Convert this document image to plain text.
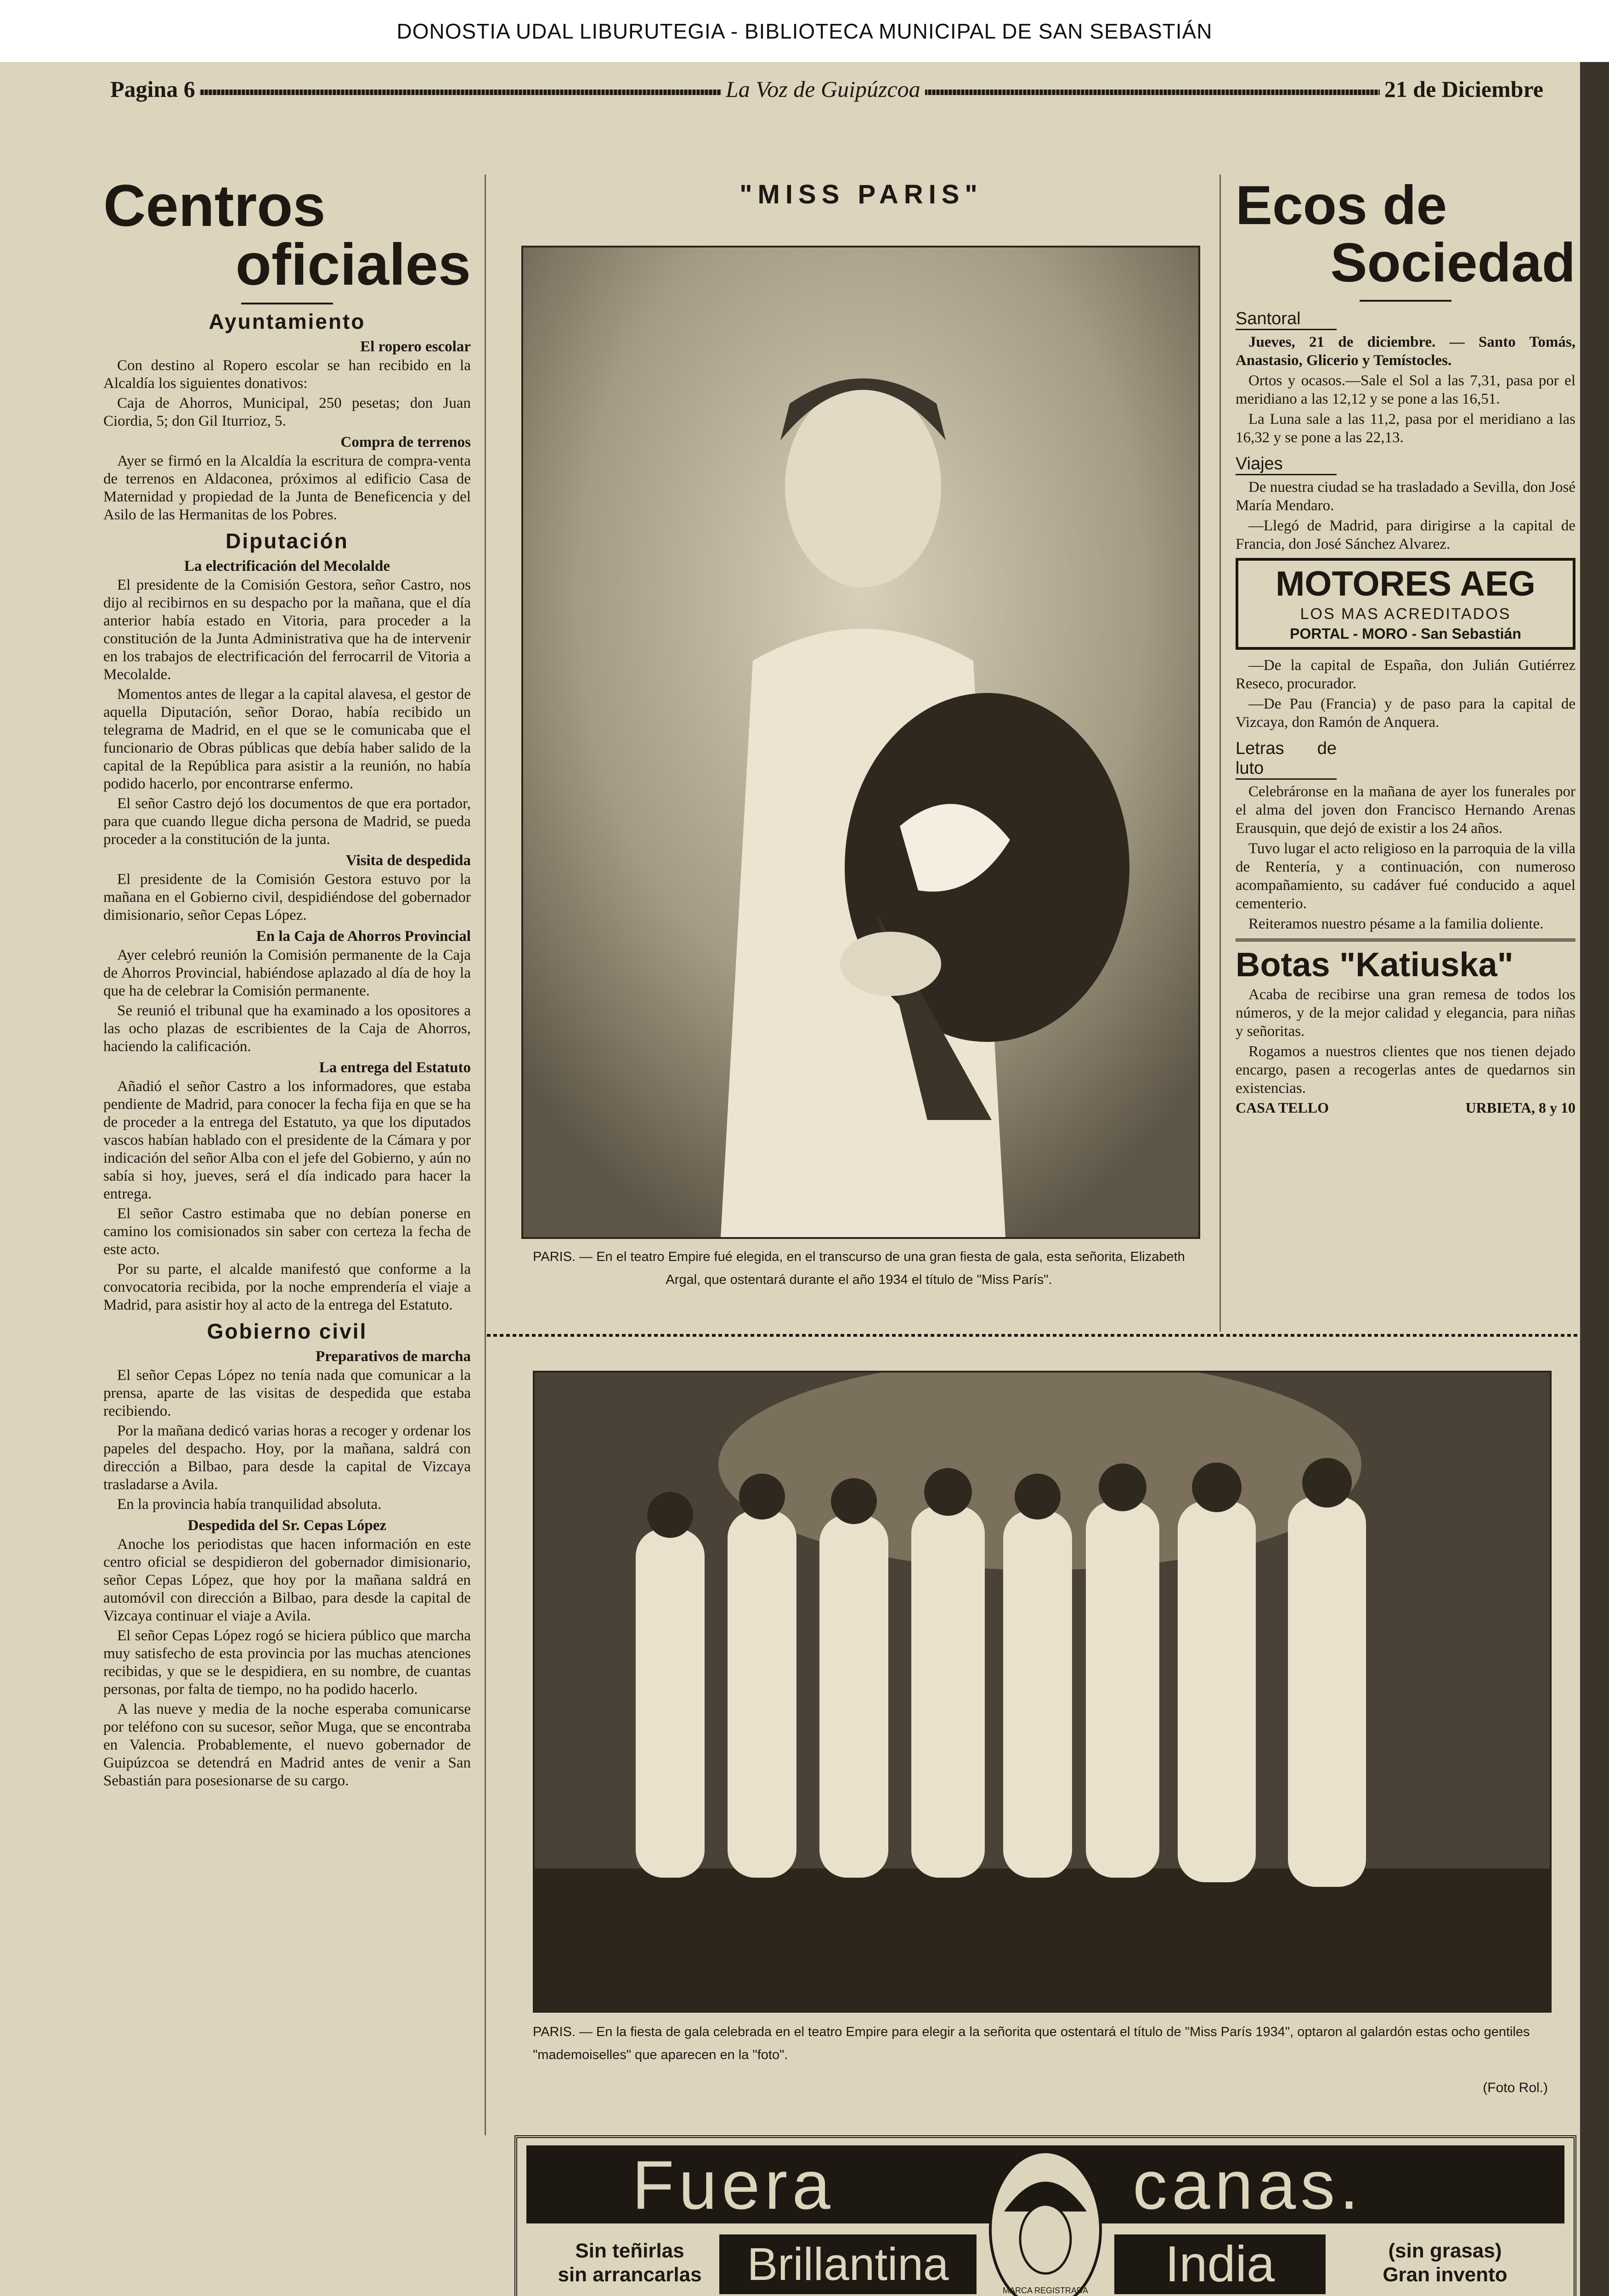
DONOSTIA UDAL LIBURUTEGIA - BIBLIOTECA MUNICIPAL DE SAN SEBASTIÁN
Pagina 6	La Voz de Guipúzcoa	21 de Diciembre
Centros
oficiales
Ayuntamiento
El ropero escolar

Con destino al Ropero escolar se han recibido en la Alcaldía los siguientes donativos:

Caja de Ahorros, Municipal, 250 pesetas; don Juan Ciordia, 5; don Gil Iturrioz, 5.

Compra de terrenos

Ayer se firmó en la Alcaldía la escritura de compra-venta de terrenos en Aldaconea, próximos al edificio Casa de Maternidad y propiedad de la Junta de Beneficencia y del Asilo de las Hermanitas de los Pobres.

Diputación
La electrificación del Mecolalde

El presidente de la Comisión Gestora, señor Castro, nos dijo al recibirnos en su despacho por la mañana, que el día anterior había estado en Vitoria, para proceder a la constitución de la Junta Administrativa que ha de intervenir en los trabajos de electrificación del ferrocarril de Vitoria a Mecolalde.

Momentos antes de llegar a la capital alavesa, el gestor de aquella Diputación, señor Dorao, había recibido un telegrama de Madrid, en el que se le comunicaba que el funcionario de Obras públicas que debía haber salido de la capital de la República para asistir a la reunión, no había podido hacerlo, por encontrarse enfermo.

El señor Castro dejó los documentos de que era portador, para que cuando llegue dicha persona de Madrid, se pueda proceder a la constitución de la junta.

Visita de despedida

El presidente de la Comisión Gestora estuvo por la mañana en el Gobierno civil, despidiéndose del gobernador dimisionario, señor Cepas López.

En la Caja de Ahorros Provincial

Ayer celebró reunión la Comisión permanente de la Caja de Ahorros Provincial, habiéndose aplazado al día de hoy la que ha de celebrar la Comisión permanente.

Se reunió el tribunal que ha examinado a los opositores a las ocho plazas de escribientes de la Caja de Ahorros, haciendo la calificación.

La entrega del Estatuto

Añadió el señor Castro a los informadores, que estaba pendiente de Madrid, para conocer la fecha fija en que se ha de proceder a la entrega del Estatuto, ya que los diputados vascos habían hablado con el presidente de la Cámara y por indicación del señor Alba con el jefe del Gobierno, y aún no sabía si hoy, jueves, será el día indicado para hacer la entrega.

El señor Castro estimaba que no debían ponerse en camino los comisionados sin saber con certeza la fecha de este acto.

Por su parte, el alcalde manifestó que conforme a la convocatoria recibida, por la noche emprendería el viaje a Madrid, para asistir hoy al acto de la entrega del Estatuto.

Gobierno civil
Preparativos de marcha

El señor Cepas López no tenía nada que comunicar a la prensa, aparte de las visitas de despedida que estaba recibiendo.

Por la mañana dedicó varias horas a recoger y ordenar los papeles del despacho. Hoy, por la mañana, saldrá con dirección a Bilbao, para desde la capital de Vizcaya trasladarse a Avila.

En la provincia había tranquilidad absoluta.

Despedida del Sr. Cepas López

Anoche los periodistas que hacen información en este centro oficial se despidieron del gobernador dimisionario, señor Cepas López, que hoy por la mañana saldrá en automóvil con dirección a Bilbao, para desde la capital de Vizcaya continuar el viaje a Avila.

El señor Cepas López rogó se hiciera público que marcha muy satisfecho de esta provincia por las muchas atenciones recibidas, y que se le despidiera, en su nombre, de cuantas personas, por falta de tiempo, no ha podido hacerlo.

A las nueve y media de la noche esperaba comunicarse por teléfono con su sucesor, señor Muga, que se encontraba en Valencia. Probablemente, el nuevo gobernador de Guipúzcoa se detendrá en Madrid antes de venir a San Sebastián para posesionarse de su cargo.

"MISS PARIS"
PARIS. — En el teatro Empire fué elegida, en el transcurso de una gran fiesta de gala, esta señorita, Elizabeth Argal, que ostentará durante el año 1934 el título de "Miss París".
PARIS. — En la fiesta de gala celebrada en el teatro Empire para elegir a la señorita que ostentará el título de "Miss París 1934", optaron al galardón estas ocho gentiles "mademoiselles" que aparecen en la "foto".
(Foto Rol.)
Ecos de
Sociedad
Santoral

Jueves, 21 de diciembre. — Santo Tomás, Anastasio, Glicerio y Temístocles.

Ortos y ocasos.—Sale el Sol a las 7,31, pasa por el meridiano a las 12,12 y se pone a las 16,51.

La Luna sale a las 11,2, pasa por el meridiano a las 16,32 y se pone a las 22,13.

Viajes

De nuestra ciudad se ha trasladado a Sevilla, don José María Mendaro.

—Llegó de Madrid, para dirigirse a la capital de Francia, don José Sánchez Alvarez.

MOTORES AEG
LOS MAS ACREDITADOS
PORTAL - MORO - San Sebastián

—De la capital de España, don Julián Gutiérrez Reseco, procurador.

—De Pau (Francia) y de paso para la capital de Vizcaya, don Ramón de Anquera.

Letras de luto

Celebráronse en la mañana de ayer los funerales por el alma del joven don Francisco Hernando Arenas Erausquin, que dejó de existir a los 24 años.

Tuvo lugar el acto religioso en la parroquia de la villa de Rentería, y a continuación, con numeroso acompañamiento, su cadáver fué conducido a aquel cementerio.

Reiteramos nuestro pésame a la familia doliente.

Botas "Katiuska"

Acaba de recibirse una gran remesa de todos los números, y de la mejor calidad y elegancia, para niñas y señoritas.

Rogamos a nuestros clientes que nos tienen dejado encargo, pasen a recogerlas antes de quedarnos sin existencias.

CASA TELLO	URBIETA, 8 y 10
Fuera	canas.
Sin teñirlas
sin arrancarlas Brillantina
MARCA REGISTRADA	India	(sin grasas)
Gran invento
